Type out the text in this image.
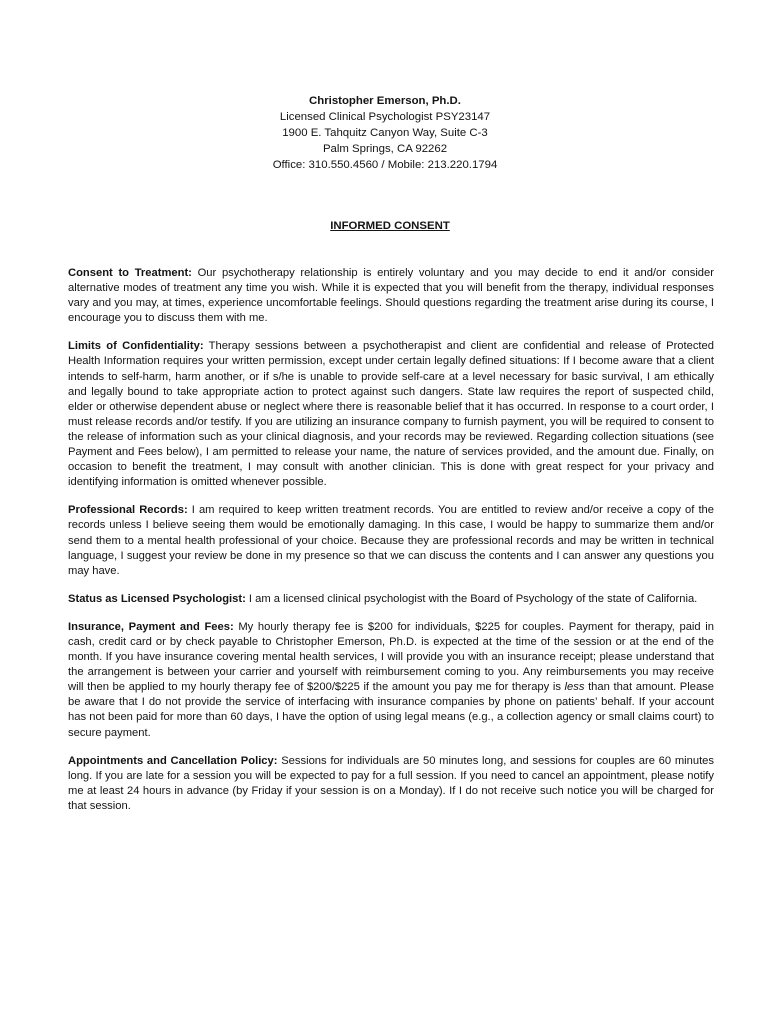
Christopher Emerson, Ph.D.
Licensed Clinical Psychologist PSY23147
1900 E. Tahquitz Canyon Way, Suite C-3
Palm Springs, CA 92262
Office: 310.550.4560 / Mobile: 213.220.1794
INFORMED CONSENT

Consent to Treatment: Our psychotherapy relationship is entirely voluntary and you may decide to end it and/or consider alternative modes of treatment any time you wish. While it is expected that you will benefit from the therapy, individual responses vary and you may, at times, experience uncomfortable feelings. Should questions regarding the treatment arise during its course, I encourage you to discuss them with me.

Limits of Confidentiality: Therapy sessions between a psychotherapist and client are confidential and release of Protected Health Information requires your written permission, except under certain legally defined situations: If I become aware that a client intends to self-harm, harm another, or if s/he is unable to provide self-care at a level necessary for basic survival, I am ethically and legally bound to take appropriate action to protect against such dangers. State law requires the report of suspected child, elder or otherwise dependent abuse or neglect where there is reasonable belief that it has occurred. In response to a court order, I must release records and/or testify. If you are utilizing an insurance company to furnish payment, you will be required to consent to the release of information such as your clinical diagnosis, and your records may be reviewed. Regarding collection situations (see Payment and Fees below), I am permitted to release your name, the nature of services provided, and the amount due. Finally, on occasion to benefit the treatment, I may consult with another clinician. This is done with great respect for your privacy and identifying information is omitted whenever possible.

Professional Records: I am required to keep written treatment records. You are entitled to review and/or receive a copy of the records unless I believe seeing them would be emotionally damaging. In this case, I would be happy to summarize them and/or send them to a mental health professional of your choice. Because they are professional records and may be written in technical language, I suggest your review be done in my presence so that we can discuss the contents and I can answer any questions you may have.

Status as Licensed Psychologist: I am a licensed clinical psychologist with the Board of Psychology of the state of California.

Insurance, Payment and Fees: My hourly therapy fee is $200 for individuals, $225 for couples. Payment for therapy, paid in cash, credit card or by check payable to Christopher Emerson, Ph.D. is expected at the time of the session or at the end of the month. If you have insurance covering mental health services, I will provide you with an insurance receipt; please understand that the arrangement is between your carrier and yourself with reimbursement coming to you. Any reimbursements you may receive will then be applied to my hourly therapy fee of $200/$225 if the amount you pay me for therapy is less than that amount. Please be aware that I do not provide the service of interfacing with insurance companies by phone on patients’ behalf. If your account has not been paid for more than 60 days, I have the option of using legal means (e.g., a collection agency or small claims court) to secure payment.

Appointments and Cancellation Policy: Sessions for individuals are 50 minutes long, and sessions for couples are 60 minutes long. If you are late for a session you will be expected to pay for a full session. If you need to cancel an appointment, please notify me at least 24 hours in advance (by Friday if your session is on a Monday). If I do not receive such notice you will be charged for that session.
